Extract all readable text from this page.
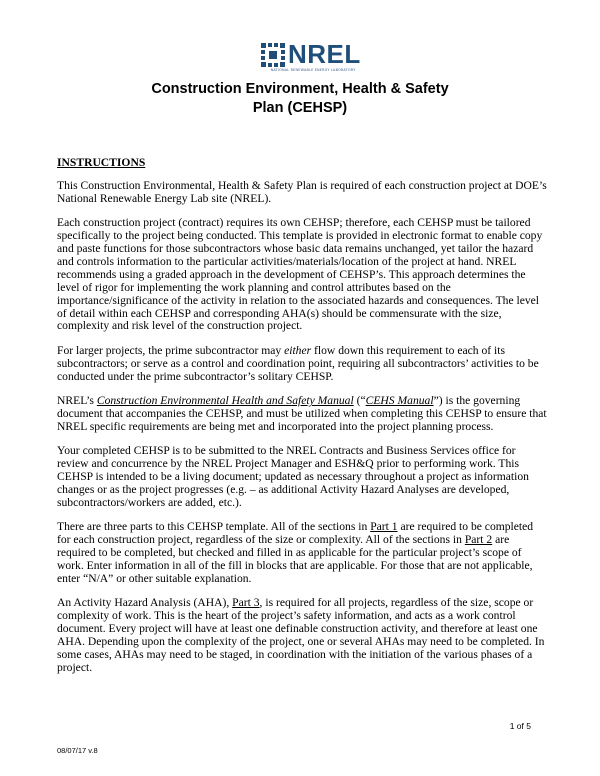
NREL
NATIONAL RENEWABLE ENERGY LABORATORY
Construction Environment, Health & Safety
Plan (CEHSP)
INSTRUCTIONS

This Construction Environmental, Health & Safety Plan is required of each construction project at DOE’s National Renewable Energy Lab site (NREL).

Each construction project (contract) requires its own CEHSP; therefore, each CEHSP must be tailored specifically to the project being conducted. This template is provided in electronic format to enable copy and paste functions for those subcontractors whose basic data remains unchanged, yet tailor the hazard and controls information to the particular activities/materials/location of the project at hand. NREL recommends using a graded approach in the development of CEHSP’s. This approach determines the level of rigor for implementing the work planning and control attributes based on the importance/significance of the activity in relation to the associated hazards and consequences. The level of detail within each CEHSP and corresponding AHA(s) should be commensurate with the size, complexity and risk level of the construction project.

For larger projects, the prime subcontractor may either flow down this requirement to each of its subcontractors; or serve as a control and coordination point, requiring all subcontractors’ activities to be conducted under the prime subcontractor’s solitary CEHSP.

NREL’s Construction Environmental Health and Safety Manual (“CEHS Manual”) is the governing document that accompanies the CEHSP, and must be utilized when completing this CEHSP to ensure that NREL specific requirements are being met and incorporated into the project planning process.

Your completed CEHSP is to be submitted to the NREL Contracts and Business Services office for review and concurrence by the NREL Project Manager and ESH&Q prior to performing work. This CEHSP is intended to be a living document; updated as necessary throughout a project as information changes or as the project progresses (e.g. – as additional Activity Hazard Analyses are developed, subcontractors/workers are added, etc.).

There are three parts to this CEHSP template. All of the sections in Part 1 are required to be completed for each construction project, regardless of the size or complexity. All of the sections in Part 2 are required to be completed, but checked and filled in as applicable for the particular project’s scope of work. Enter information in all of the fill in blocks that are applicable. For those that are not applicable, enter “N/A” or other suitable explanation.

An Activity Hazard Analysis (AHA), Part 3, is required for all projects, regardless of the size, scope or complexity of work. This is the heart of the project’s safety information, and acts as a work control document. Every project will have at least one definable construction activity, and therefore at least one AHA. Depending upon the complexity of the project, one or several AHAs may need to be completed. In some cases, AHAs may need to be staged, in coordination with the initiation of the various phases of a project.

1 of 5
08/07/17 v.8
